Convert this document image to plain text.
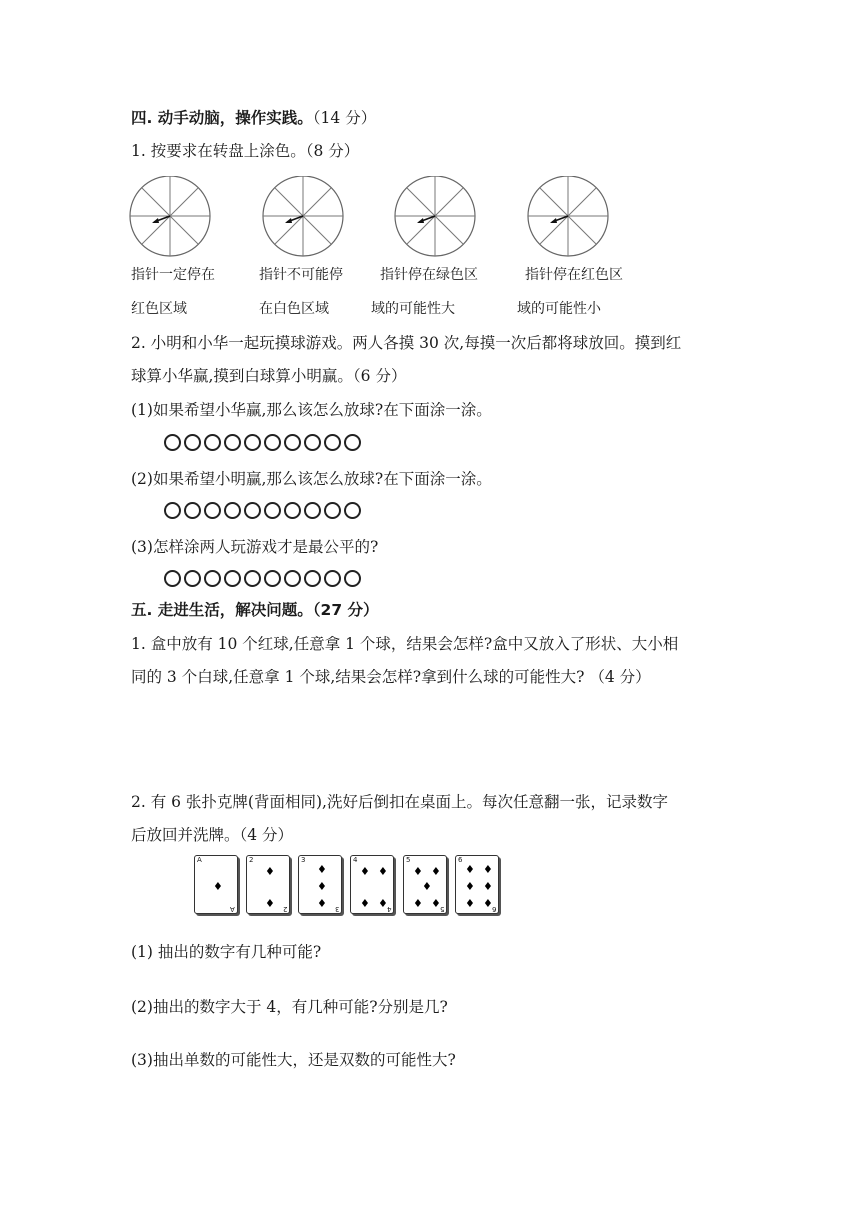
四. 动手动脑，操作实践。（14 分）
1. 按要求在转盘上涂色。（8 分）
指针一定停在
红色区域
指针不可能停
在白色区域
指针停在绿色区
域的可能性大
指针停在红色区
域的可能性小
2. 小明和小华一起玩摸球游戏。两人各摸 30 次,每摸一次后都将球放回。摸到红
球算小华赢,摸到白球算小明赢。（6 分）
(1)如果希望小华赢,那么该怎么放球?在下面涂一涂。
(2)如果希望小明赢,那么该怎么放球?在下面涂一涂。
(3)怎样涂两人玩游戏才是最公平的?
五. 走进生活，解决问题。（27 分）
1. 盒中放有 10 个红球,任意拿 1 个球，结果会怎样?盒中又放入了形状、大小相
同的 3 个白球,任意拿 1 个球,结果会怎样?拿到什么球的可能性大? （4 分）
2. 有 6 张扑克牌(背面相同),洗好后倒扣在桌面上。每次任意翻一张，记录数字
后放回并洗牌。（4 分）
A
A
♦
2
2
♦
♦
3
3
♦
♦
♦
4
4
♦ ♦
♦ ♦
5
5
♦ ♦
♦
♦ ♦
6
6
♦ ♦
♦ ♦
♦ ♦
(1) 抽出的数字有几种可能?
(2)抽出的数字大于 4，有几种可能?分别是几?
(3)抽出单数的可能性大，还是双数的可能性大?
